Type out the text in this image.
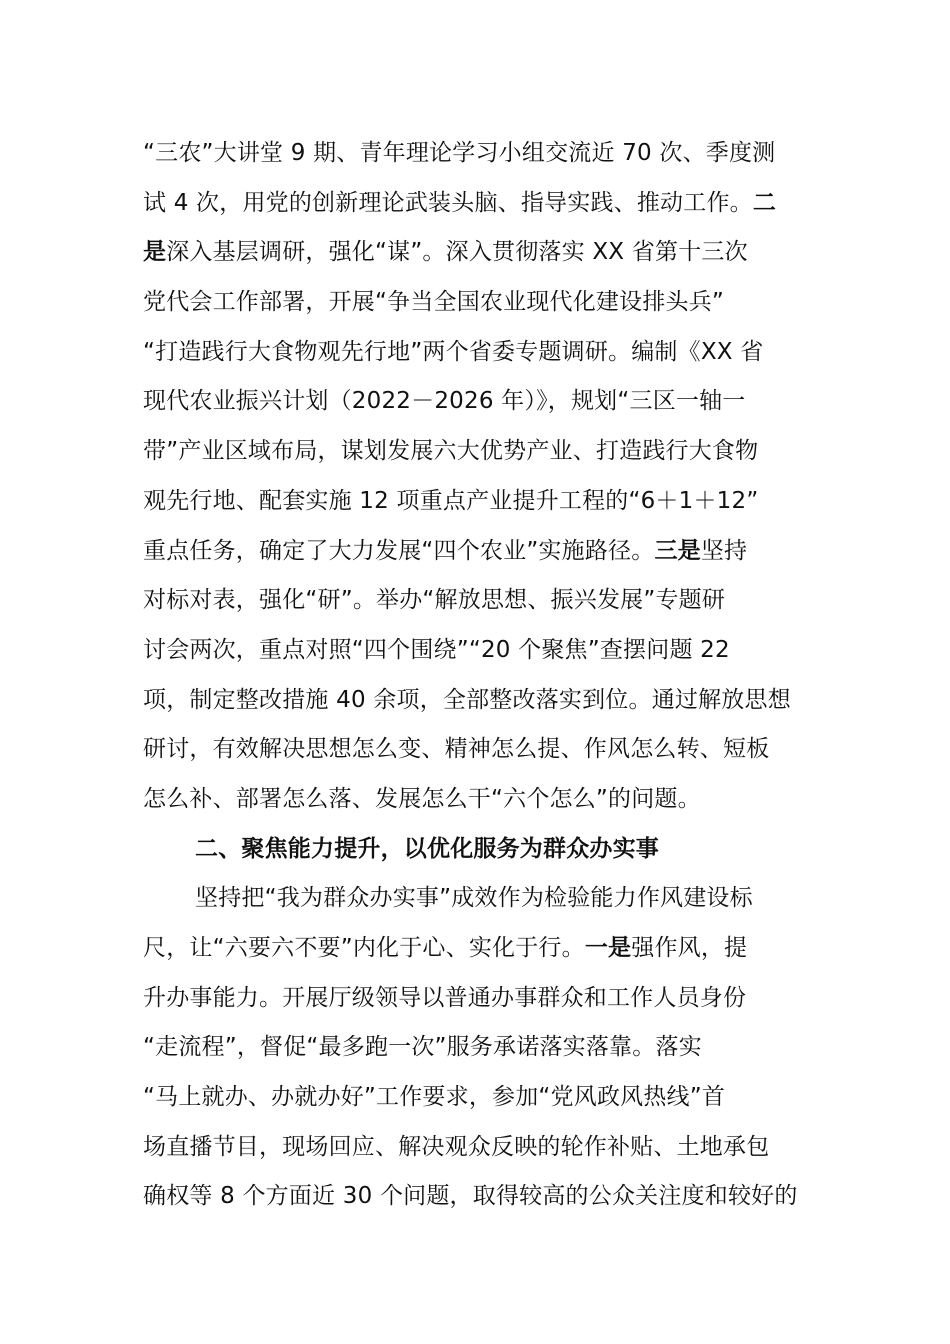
“三农”大讲堂 9 期、青年理论学习小组交流近 70 次、季度测
试 4 次，用党的创新理论武装头脑、指导实践、推动工作。二
是深入基层调研，强化“谋”。深入贯彻落实 XX 省第十三次
党代会工作部署，开展“争当全国农业现代化建设排头兵”
“打造践行大食物观先行地”两个省委专题调研。编制《XX 省
现代农业振兴计划（2022－2026 年）》，规划“三区一轴一
带”产业区域布局，谋划发展六大优势产业、打造践行大食物
观先行地、配套实施 12 项重点产业提升工程的“6＋1＋12”
重点任务，确定了大力发展“四个农业”实施路径。三是坚持
对标对表，强化“研”。举办“解放思想、振兴发展”专题研
讨会两次，重点对照“四个围绕”“20 个聚焦”查摆问题 22
项，制定整改措施 40 余项，全部整改落实到位。通过解放思想
研讨，有效解决思想怎么变、精神怎么提、作风怎么转、短板
怎么补、部署怎么落、发展怎么干“六个怎么”的问题。
二、聚焦能力提升，以优化服务为群众办实事
坚持把“我为群众办实事”成效作为检验能力作风建设标
尺，让“六要六不要”内化于心、实化于行。一是强作风，提
升办事能力。开展厅级领导以普通办事群众和工作人员身份
“走流程”，督促“最多跑一次”服务承诺落实落靠。落实
“马上就办、办就办好”工作要求，参加“党风政风热线”首
场直播节目，现场回应、解决观众反映的轮作补贴、土地承包
确权等 8 个方面近 30 个问题，取得较高的公众关注度和较好的
